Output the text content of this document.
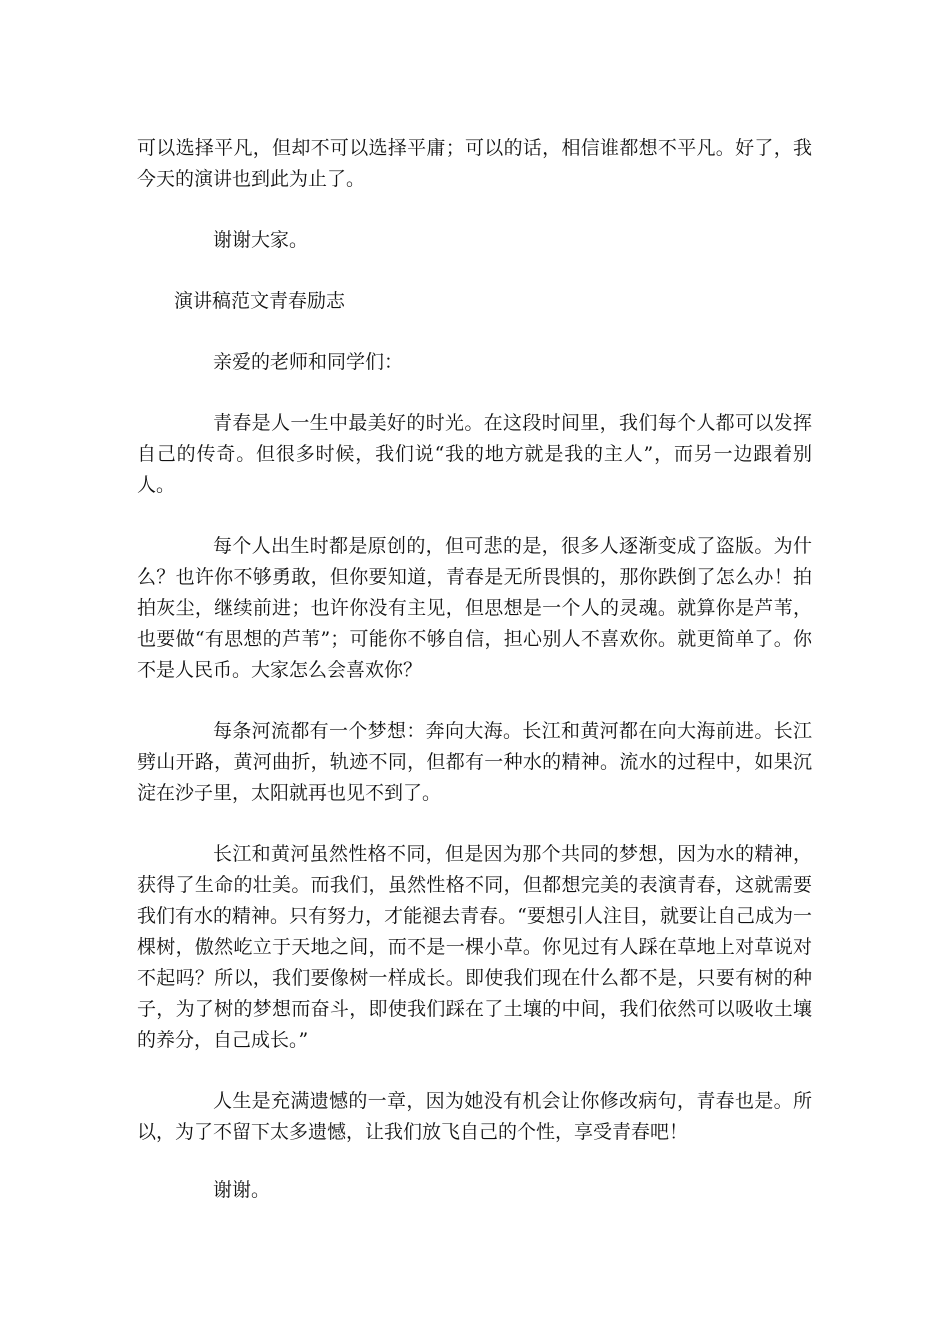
可以选择平凡，但却不可以选择平庸；可以的话，相信谁都想不平凡。好了，我今天的演讲也到此为止了。

谢谢大家。

演讲稿范文青春励志

亲爱的老师和同学们：

青春是人一生中最美好的时光。在这段时间里，我们每个人都可以发挥自己的传奇。但很多时候，我们说“我的地方就是我的主人”，而另一边跟着别人。

每个人出生时都是原创的，但可悲的是，很多人逐渐变成了盗版。为什么？也许你不够勇敢，但你要知道，青春是无所畏惧的，那你跌倒了怎么办！拍拍灰尘，继续前进；也许你没有主见，但思想是一个人的灵魂。就算你是芦苇，也要做“有思想的芦苇”；可能你不够自信，担心别人不喜欢你。就更简单了。你不是人民币。大家怎么会喜欢你？

每条河流都有一个梦想：奔向大海。长江和黄河都在向大海前进。长江劈山开路，黄河曲折，轨迹不同，但都有一种水的精神。流水的过程中，如果沉淀在沙子里，太阳就再也见不到了。

长江和黄河虽然性格不同，但是因为那个共同的梦想，因为水的精神，获得了生命的壮美。而我们，虽然性格不同，但都想完美的表演青春，这就需要我们有水的精神。只有努力，才能褪去青春。“要想引人注目，就要让自己成为一棵树，傲然屹立于天地之间，而不是一棵小草。你见过有人踩在草地上对草说对不起吗？所以，我们要像树一样成长。即使我们现在什么都不是，只要有树的种子，为了树的梦想而奋斗，即使我们踩在了土壤的中间，我们依然可以吸收土壤的养分，自己成长。”

人生是充满遗憾的一章，因为她没有机会让你修改病句，青春也是。所以，为了不留下太多遗憾，让我们放飞自己的个性，享受青春吧！

谢谢。
